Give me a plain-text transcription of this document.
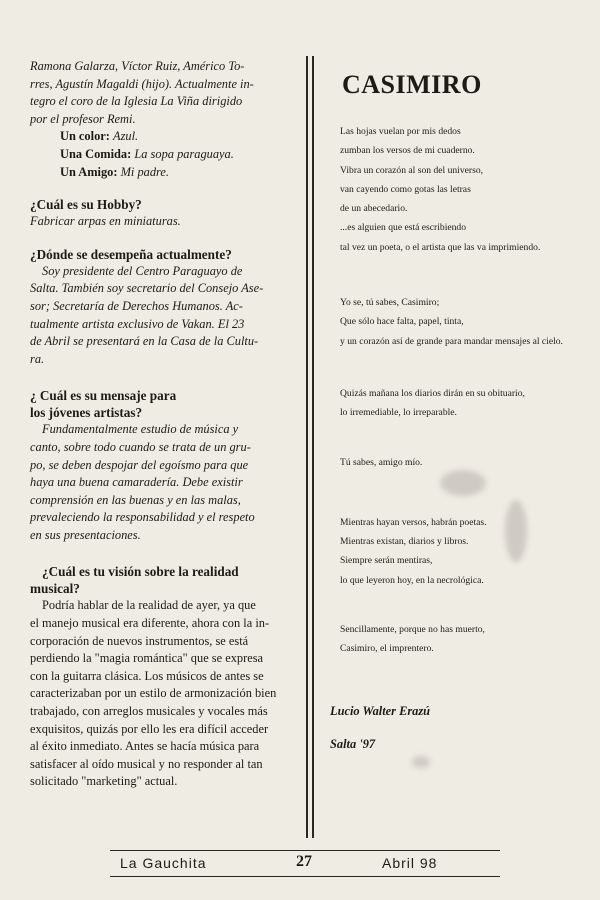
Ramona Galarza, Víctor Ruiz, Américo To-

rres, Agustín Magaldi (hijo). Actualmente in-

tegro el coro de la Iglesia La Viña dirigido

por el profesor Remi.

Un color: Azul.

Una Comida: La sopa paraguaya.

Un Amigo: Mi padre.

¿Cuál es su Hobby?

Fabricar arpas en miniaturas.

¿Dónde se desempeña actualmente?

Soy presidente del Centro Paraguayo de

Salta. También soy secretario del Consejo Ase-

sor; Secretaría de Derechos Humanos. Ac-

tualmente artista exclusivo de Vakan. El 23

de Abril se presentará en la Casa de la Cultu-

ra.

¿ Cuál es su mensaje para

los jóvenes artistas?

Fundamentalmente estudio de música y

canto, sobre todo cuando se trata de un gru-

po, se deben despojar del egoísmo para que

haya una buena camaradería. Debe existir

comprensión en las buenas y en las malas,

prevaleciendo la responsabilidad y el respeto

en sus presentaciones.

¿Cuál es tu visión sobre la realidad

musical?

Podría hablar de la realidad de ayer, ya que

el manejo musical era diferente, ahora con la in-

corporación de nuevos instrumentos, se está

perdiendo la "magia romántica" que se expresa

con la guitarra clásica. Los músicos de antes se

caracterizaban por un estilo de armonización bien

trabajado, con arreglos musicales y vocales más

exquisitos, quizás por ello les era difícil acceder

al éxito inmediato. Antes se hacía música para

satisfacer al oído musical y no responder al tan

solicitado "marketing" actual.

CASIMIRO

Las hojas vuelan por mis dedos

zumban los versos de mi cuaderno.

Vibra un corazón al son del universo,

van cayendo como gotas las letras

de un abecedario.

...es alguien que está escribiendo

tal vez un poeta, o el artista que las va imprimiendo.

Yo se, tú sabes, Casimiro;

Que sólo hace falta, papel, tinta,

y un corazón así de grande para mandar mensajes al cielo.

Quizás mañana los diarios dirán en su obituario,

lo irremediable, lo irreparable.

Tú sabes, amigo mío.

Mientras hayan versos, habrán poetas.

Mientras existan, diarios y libros.

Siempre serán mentiras,

lo que leyeron hoy, en la necrológica.

Sencillamente, porque no has muerto,

Casimiro, el imprentero.

Lucio Walter Erazú

Salta '97

La Gauchita	27	Abril 98
